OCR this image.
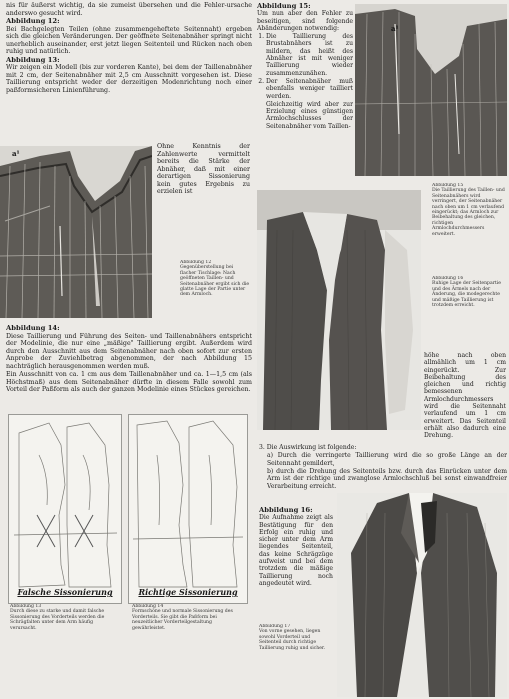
nis für äußerst wichtig, da sie zumeist übersehen und die Fehler-ursache anderswo gesucht wird.

Abbildung 12:

Bei Bachgelegten Teilen (ohne zusammengeheftete Seitennaht) ergeben sich die gleichen Veränderungen. Der geöffnete Seitenabnäher springt nicht unerheblich auseinander, erst jetzt liegen Seitenteil und Rücken nach oben ruhig und natürlich.

Abbildung 13:

Wir zeigen ein Modell (bis zur vorderen Kante), bei dem der Taillenabnäher mit 2 cm, der Seitenabnäher mit 2,5 cm Ausschnitt vorgesehen ist. Diese Taillierung entspricht weder der derzeitigen Modenrichtung noch einer paßformsicheren Linienführung.

Ohne Kenntnis der Zahlenwerte vermittelt bereits die Stärke der Abnäher, daß mit einer derartigen Sissonierung kein gutes Ergebnis zu erzielen ist

a¹
Abbildung 12
Gegenüberstellung bei flacher Tischlage: Nach geöffneten Taillen- und Seitenabnäher ergibt sich die glatte Lage der Partie unter dem Armloch.
Abbildung 14:

Diese Taillierung und Führung des Seiten- und Taillenabnähers entspricht der Modelinie, die nur eine „mäßige" Taillierung ergibt. Außerdem wird durch den Ausschnitt aus dem Seitenabnäher nach oben sofort zur ersten Anprobe der Zuviehlbetrag abgenommen, der nach Abbildung 15 nachträglich herausgenommen werden muß.

Ein Ausschnitt von ca. 1 cm aus dem Taillenabnäher und ca. 1—1,5 cm (als Höchstmaß) aus dem Seitenabnäher dürfte in diesem Falle sowohl zum Vorteil der Paßform als auch der ganzen Modelinie eines Stückes gereichen.

Falsche Sissonierung	Richtige Sissonierung
Abbildung 13
Durch diese zu starke und damit falsche Sissonierung des Vorderteils werden die Schrägfalten unter dem Arm häufig verursacht.
Abbildung 14
Formschöne und normale Sissonierung des Vorderteils. Sie gibt die Paßform bei neuzeitlicher Vorderteilgestaltung gewährleistet.
Abbildung 15:

Um nun aber den Fehler zu beseitigen, sind folgende Abänderungen notwendig:

1. Die Taillierung des Brustabnähers ist zu mildern, das heißt des Abnäher ist mit weniger Taillierung wieder zusammenzunähen.
2. Der Seitenabnäher muß ebenfalls weniger tailliert werden.
Gleichzeitig wird aber zur Erzielung eines günstigen Armlochschlusses der Seitenabnäher vom Taillen-
a¹
Abbildung 15
Die Taillierung des Taillen- und Seitenabnähers wird verringert, der Seitenabnäher nach oben um 1 cm verlaufend eingerückt; das Armloch zur Beibehaltung des gleichen, richtigen Armlochdurchmessers erweitert.
Abbildung 16
Ruhige Lage der Seitenpartie und des Ärmels nach der Änderung, die modegerechte und mäßige Taillierung ist trotzdem erreicht.

höhe nach oben allmählich um 1 cm eingerückt. Zur Beibehaltung des gleichen und richtig bemessenen Armlochdurchmessers wird die Seitennaht verlaufend um 1 cm erweitert. Das Seitenteil erhält also dadurch eine Drehung.

3. Die Auswirkung ist folgende:

a) Durch die verringerte Taillierung wird die so große Länge an der Seitennaht gemildert,

b) durch die Drehung des Seitenteils bzw. durch das Einrücken unter dem Arm ist der richtige und zwanglose Armlochschluß bei sonst einwandfreier Verarbeitung erreicht.

Abbildung 16:

Die Aufnahme zeigt als Bestätigung für den Erfolg ein ruhig und sicher unter dem Arm liegendes Seitenteil, das keine Schrägzüge aufweist und bei dem trotzdem die mäßige Taillierung noch angedeutet wird.

Abbildung 17
Von vorne gesehen, liegen sowohl Vorderteil und Seitenteil durch richtige Taillierung ruhig und sicher.
